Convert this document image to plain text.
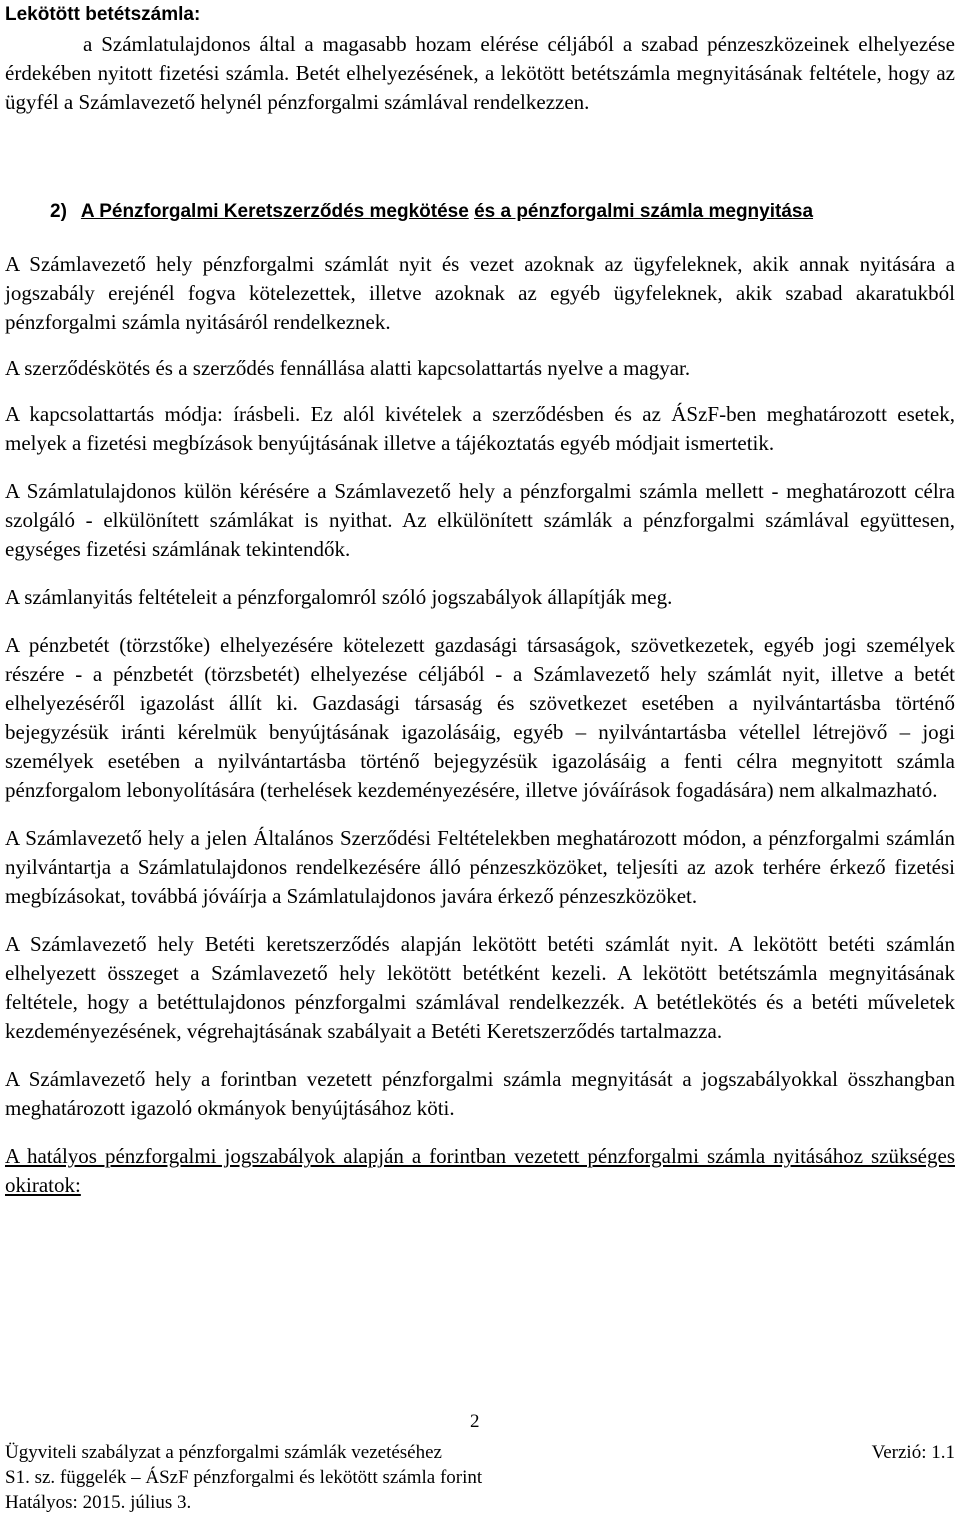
Lekötött betétszámla:

a Számlatulajdonos által a magasabb hozam elérése céljából a szabad pénzeszközeinek elhelyezése érdekében nyitott fizetési számla. Betét elhelyezésének, a lekötött betétszámla megnyitásának feltétele, hogy az ügyfél a Számlavezető helynél pénzforgalmi számlával rendelkezzen.

2) A Pénzforgalmi Keretszerződés megkötése és a pénzforgalmi számla megnyitása

A Számlavezető hely pénzforgalmi számlát nyit és vezet azoknak az ügyfeleknek, akik annak nyitására a jogszabály erejénél fogva kötelezettek, illetve azoknak az egyéb ügyfeleknek, akik szabad akaratukból pénzforgalmi számla nyitásáról rendelkeznek.

A szerződéskötés és a szerződés fennállása alatti kapcsolattartás nyelve a magyar.

A kapcsolattartás módja: írásbeli. Ez alól kivételek a szerződésben és az ÁSzF-ben meghatározott esetek, melyek a fizetési megbízások benyújtásának illetve a tájékoztatás egyéb módjait ismertetik.

A Számlatulajdonos külön kérésére a Számlavezető hely a pénzforgalmi számla mellett - meghatározott célra szolgáló - elkülönített számlákat is nyithat. Az elkülönített számlák a pénzforgalmi számlával együttesen, egységes fizetési számlának tekintendők.

A számlanyitás feltételeit a pénzforgalomról szóló jogszabályok állapítják meg.

A pénzbetét (törzstőke) elhelyezésére kötelezett gazdasági társaságok, szövetkezetek, egyéb jogi személyek részére - a pénzbetét (törzsbetét) elhelyezése céljából - a Számlavezető hely számlát nyit, illetve a betét elhelyezéséről igazolást állít ki. Gazdasági társaság és szövetkezet esetében a nyilvántartásba történő bejegyzésük iránti kérelmük benyújtásának igazolásáig, egyéb – nyilvántartásba vétellel létrejövő – jogi személyek esetében a nyilvántartásba történő bejegyzésük igazolásáig a fenti célra megnyitott számla pénzforgalom lebonyolítására (terhelések kezdeményezésére, illetve jóváírások fogadására) nem alkalmazható.

A Számlavezető hely a jelen Általános Szerződési Feltételekben meghatározott módon, a pénzforgalmi számlán nyilvántartja a Számlatulajdonos rendelkezésére álló pénzeszközöket, teljesíti az azok terhére érkező fizetési megbízásokat, továbbá jóváírja a Számlatulajdonos javára érkező pénzeszközöket.

A Számlavezető hely Betéti keretszerződés alapján lekötött betéti számlát nyit. A lekötött betéti számlán elhelyezett összeget a Számlavezető hely lekötött betétként kezeli. A lekötött betétszámla megnyitásának feltétele, hogy a betéttulajdonos pénzforgalmi számlával rendelkezzék. A betétlekötés és a betéti műveletek kezdeményezésének, végrehajtásának szabályait a Betéti Keretszerződés tartalmazza.

A Számlavezető hely a forintban vezetett pénzforgalmi számla megnyitását a jogszabályokkal összhangban meghatározott igazoló okmányok benyújtásához köti.

A hatályos pénzforgalmi jogszabályok alapján a forintban vezetett pénzforgalmi számla nyitásához szükséges okiratok:

2
Ügyviteli szabályzat a pénzforgalmi számlák vezetéséhez	Verzió: 1.1
S1. sz. függelék – ÁSzF pénzforgalmi és lekötött számla forint
Hatályos: 2015. július 3.
